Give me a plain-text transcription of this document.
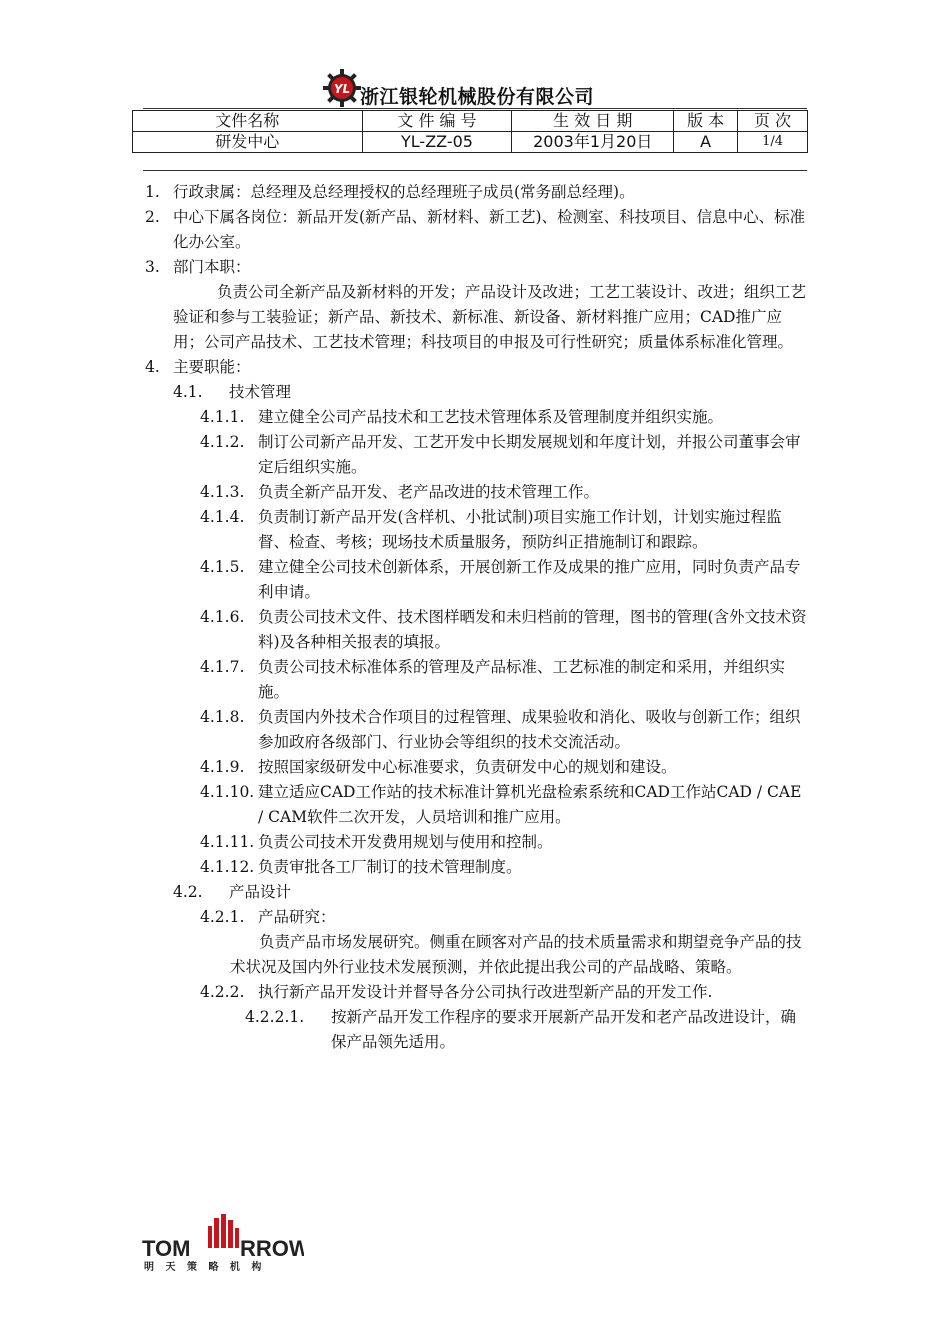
YL 浙江银轮机械股份有限公司
文件名称	文 件 编 号	生 效 日 期	版 本	页 次
研发中心	YL-ZZ-05	2003年1月20日	A	1/4

1. 行政隶属：总经理及总经理授权的总经理班子成员(常务副总经理)。

2. 中心下属各岗位：新品开发(新产品、新材料、新工艺)、检测室、科技项目、信息中心、标准化办公室。

3. 部门本职：

负责公司全新产品及新材料的开发；产品设计及改进；工艺工装设计、改进；组织工艺验证和参与工装验证；新产品、新技术、新标准、新设备、新材料推广应用；CAD推广应用；公司产品技术、工艺技术管理；科技项目的申报及可行性研究；质量体系标准化管理。

4. 主要职能：

4.1. 技术管理

4.1.1. 建立健全公司产品技术和工艺技术管理体系及管理制度并组织实施。

4.1.2. 制订公司新产品开发、工艺开发中长期发展规划和年度计划，并报公司董事会审定后组织实施。

4.1.3. 负责全新产品开发、老产品改进的技术管理工作。

4.1.4. 负责制订新产品开发(含样机、小批试制)项目实施工作计划，计划实施过程监督、检查、考核；现场技术质量服务，预防纠正措施制订和跟踪。

4.1.5. 建立健全公司技术创新体系，开展创新工作及成果的推广应用，同时负责产品专利申请。

4.1.6. 负责公司技术文件、技术图样晒发和未归档前的管理，图书的管理(含外文技术资料)及各种相关报表的填报。

4.1.7. 负责公司技术标准体系的管理及产品标准、工艺标准的制定和采用，并组织实施。

4.1.8. 负责国内外技术合作项目的过程管理、成果验收和消化、吸收与创新工作；组织参加政府各级部门、行业协会等组织的技术交流活动。

4.1.9. 按照国家级研发中心标准要求，负责研发中心的规划和建设。

4.1.10. 建立适应CAD工作站的技术标准计算机光盘检索系统和CAD工作站CAD / CAE / CAM软件二次开发，人员培训和推广应用。

4.1.11. 负责公司技术开发费用规划与使用和控制。

4.1.12. 负责审批各工厂制订的技术管理制度。

4.2. 产品设计

4.2.1. 产品研究：

负责产品市场发展研究。侧重在顾客对产品的技术质量需求和期望竞争产品的技术状况及国内外行业技术发展预测，并依此提出我公司的产品战略、策略。

4.2.2. 执行新产品开发设计并督导各分公司执行改进型新产品的开发工作.

4.2.2.1. 按新产品开发工作程序的要求开展新产品开发和老产品改进设计，确保产品领先适用。

TOM RROW
明 天 策 略 机 构
